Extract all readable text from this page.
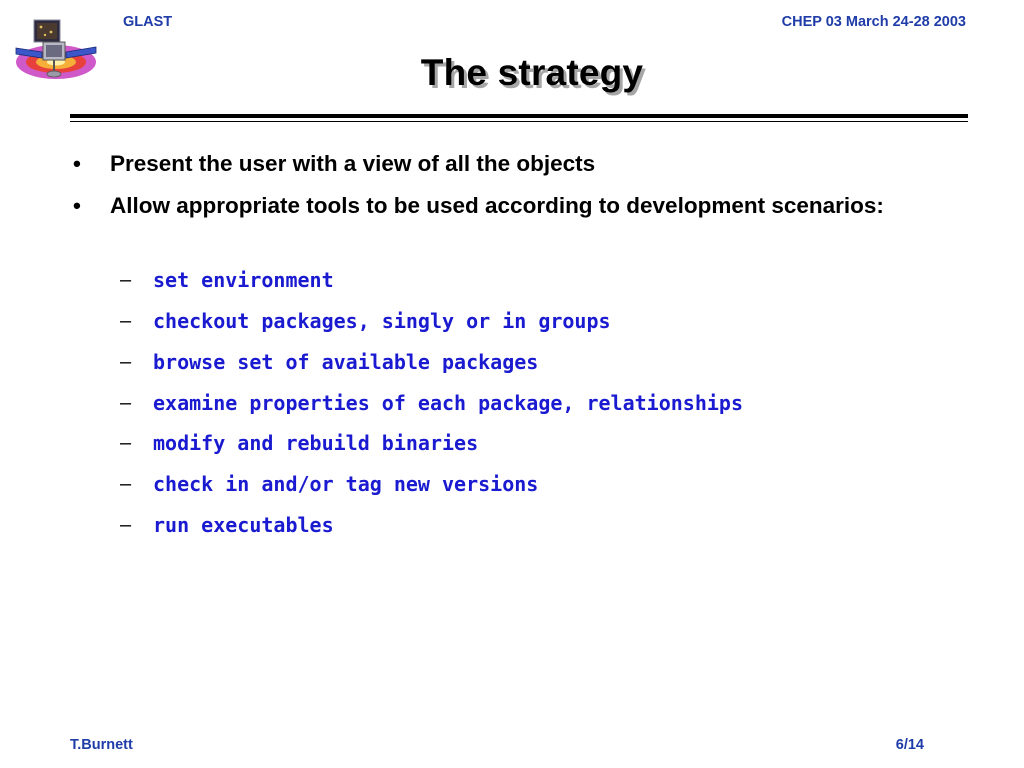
GLAST	CHEP 03 March 24-28 2003
The strategy
• Present the user with a view of all the objects
• Allow appropriate tools to be used according to development scenarios:
– set environment
– checkout packages, singly or in groups
– browse set of available packages
– examine properties of each package, relationships
– modify and rebuild binaries
– check in and/or tag new versions
– run executables
T.Burnett	6/14
